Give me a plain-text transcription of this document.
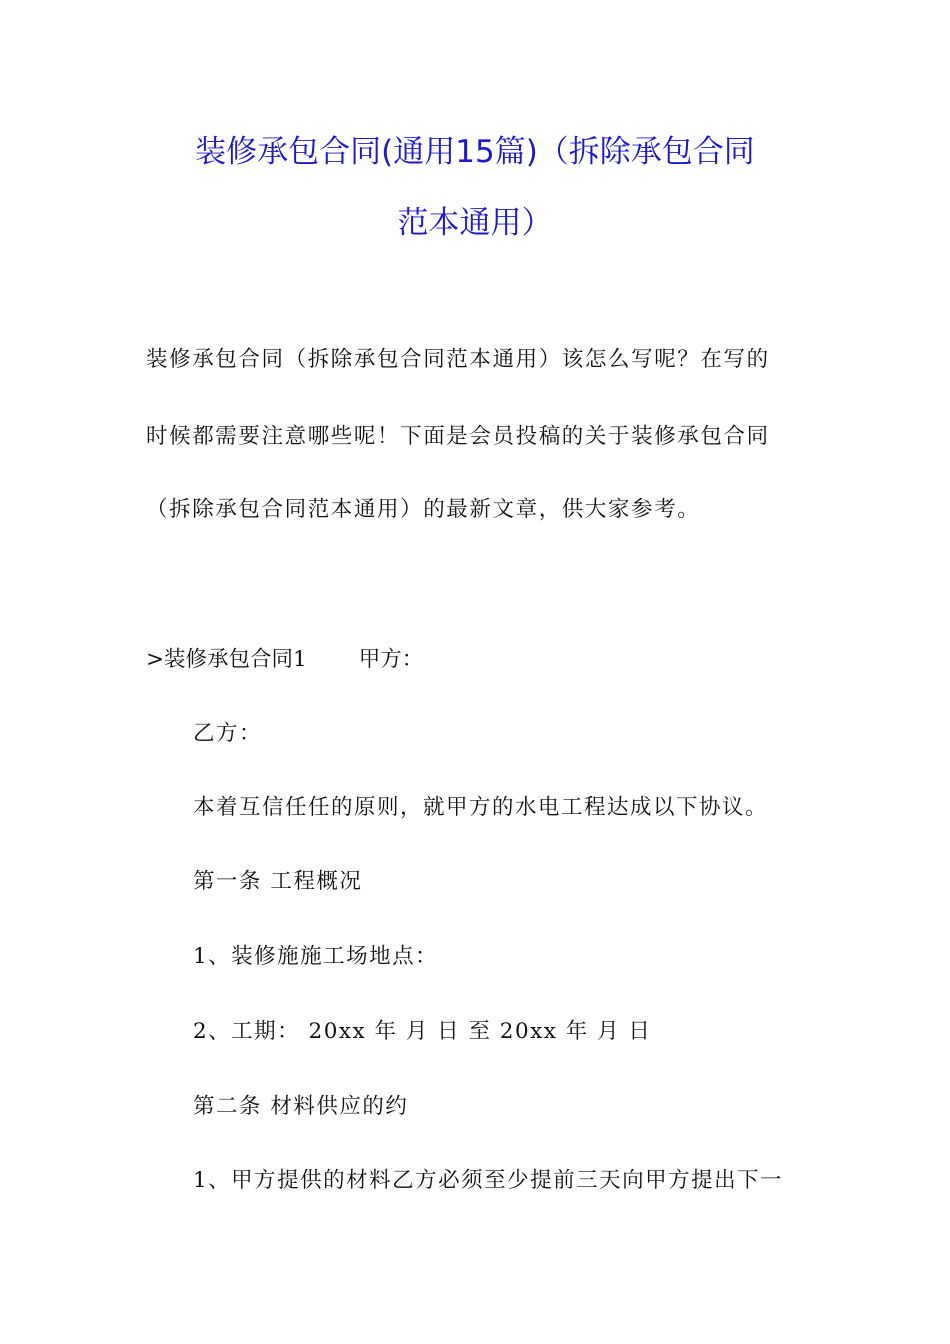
装修承包合同(通用15篇)（拆除承包合同
范本通用）
装修承包合同（拆除承包合同范本通用）该怎么写呢？在写的
时候都需要注意哪些呢！下面是会员投稿的关于装修承包合同
（拆除承包合同范本通用）的最新文章，供大家参考。
>装修承包合同1 甲方：
乙方：
本着互信任任的原则，就甲方的水电工程达成以下协议。
第一条 工程概况
1、装修施施工场地点：
2、工期： 20xx 年 月 日 至 20xx 年 月 日
第二条 材料供应的约
1、甲方提供的材料乙方必须至少提前三天向甲方提出下一
